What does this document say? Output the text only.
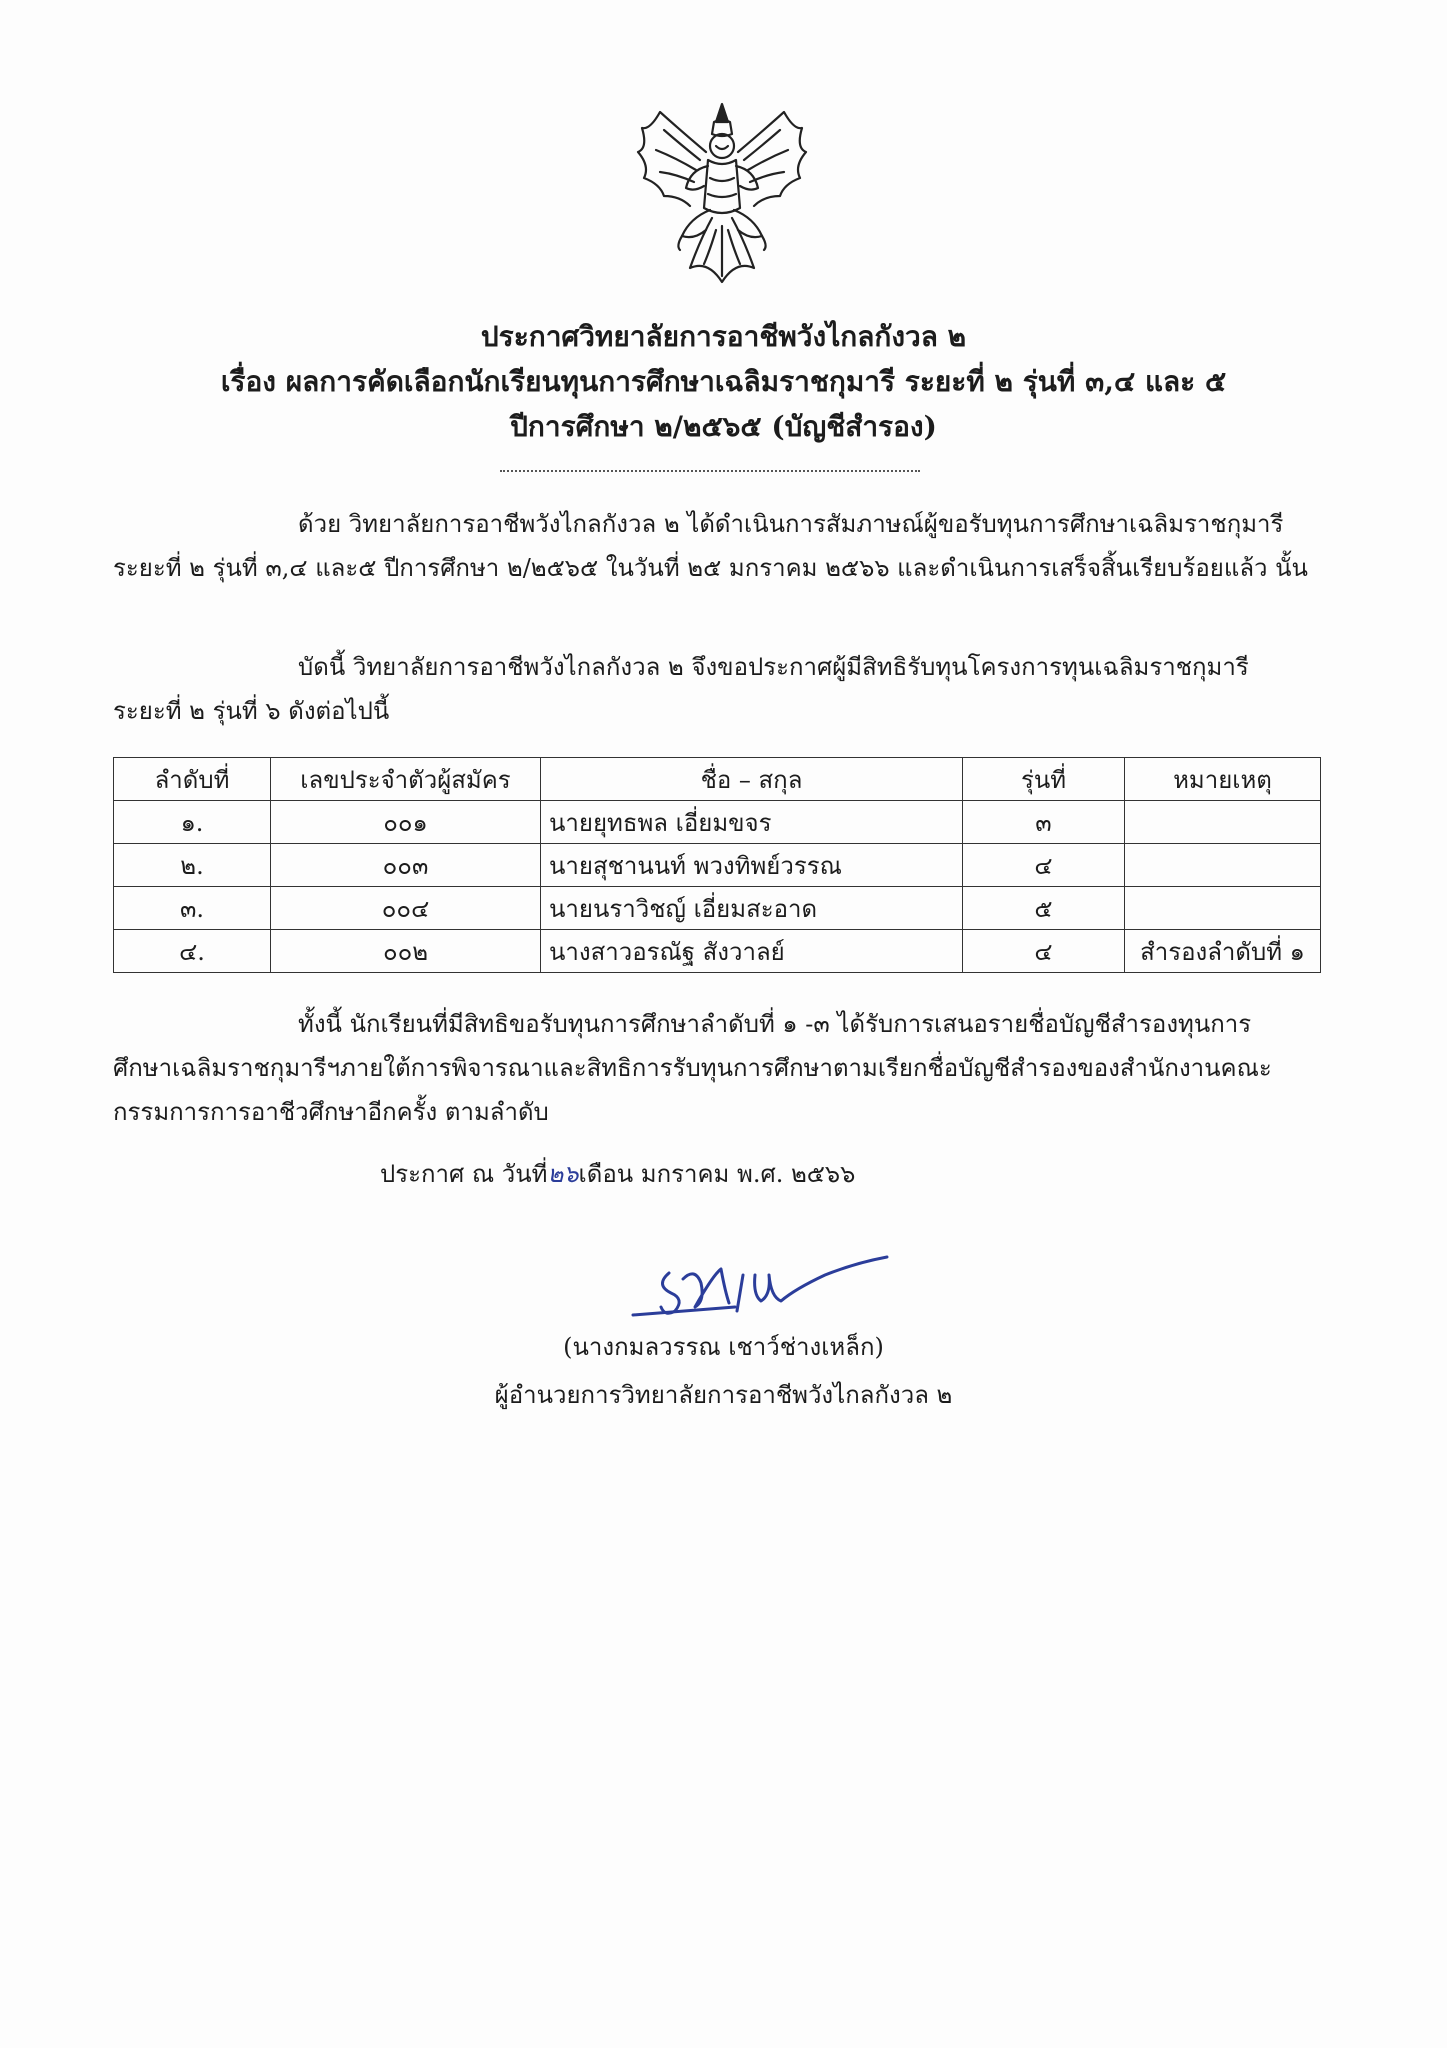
ประกาศวิทยาลัยการอาชีพวังไกลกังวล ๒
เรื่อง ผลการคัดเลือกนักเรียนทุนการศึกษาเฉลิมราชกุมารี ระยะที่ ๒ รุ่นที่ ๓,๔ และ ๕
ปีการศึกษา ๒/๒๕๖๕ (บัญชีสำรอง)
ด้วย วิทยาลัยการอาชีพวังไกลกังวล ๒ ได้ดำเนินการสัมภาษณ์ผู้ขอรับทุนการศึกษาเฉลิมราชกุมารี ระยะที่ ๒ รุ่นที่ ๓,๔ และ๕ ปีการศึกษา ๒/๒๕๖๕ ในวันที่ ๒๕ มกราคม ๒๕๖๖ และดำเนินการเสร็จสิ้นเรียบร้อยแล้ว นั้น
บัดนี้ วิทยาลัยการอาชีพวังไกลกังวล ๒ จึงขอประกาศผู้มีสิทธิรับทุนโครงการทุนเฉลิมราชกุมารี ระยะที่ ๒ รุ่นที่ ๖ ดังต่อไปนี้
ลำดับที่	เลขประจำตัวผู้สมัคร	ชื่อ – สกุล	รุ่นที่	หมายเหตุ
๑.	๐๐๑	นายยุทธพล เอี่ยมขจร	๓	
๒.	๐๐๓	นายสุชานนท์ พวงทิพย์วรรณ	๔	
๓.	๐๐๔	นายนราวิชญ์ เอี่ยมสะอาด	๕	
๔.	๐๐๒	นางสาวอรณัฐ สังวาลย์	๔	สำรองลำดับที่ ๑
ทั้งนี้ นักเรียนที่มีสิทธิขอรับทุนการศึกษาลำดับที่ ๑ -๓ ได้รับการเสนอรายชื่อบัญชีสำรองทุนการศึกษาเฉลิมราชกุมารีฯภายใต้การพิจารณาและสิทธิการรับทุนการศึกษาตามเรียกชื่อบัญชีสำรองของสำนักงานคณะกรรมการการอาชีวศึกษาอีกครั้ง ตามลำดับ
ประกาศ ณ วันที่๒๖เดือน มกราคม พ.ศ. ๒๕๖๖
(นางกมลวรรณ เชาว์ช่างเหล็ก)
ผู้อำนวยการวิทยาลัยการอาชีพวังไกลกังวล ๒
